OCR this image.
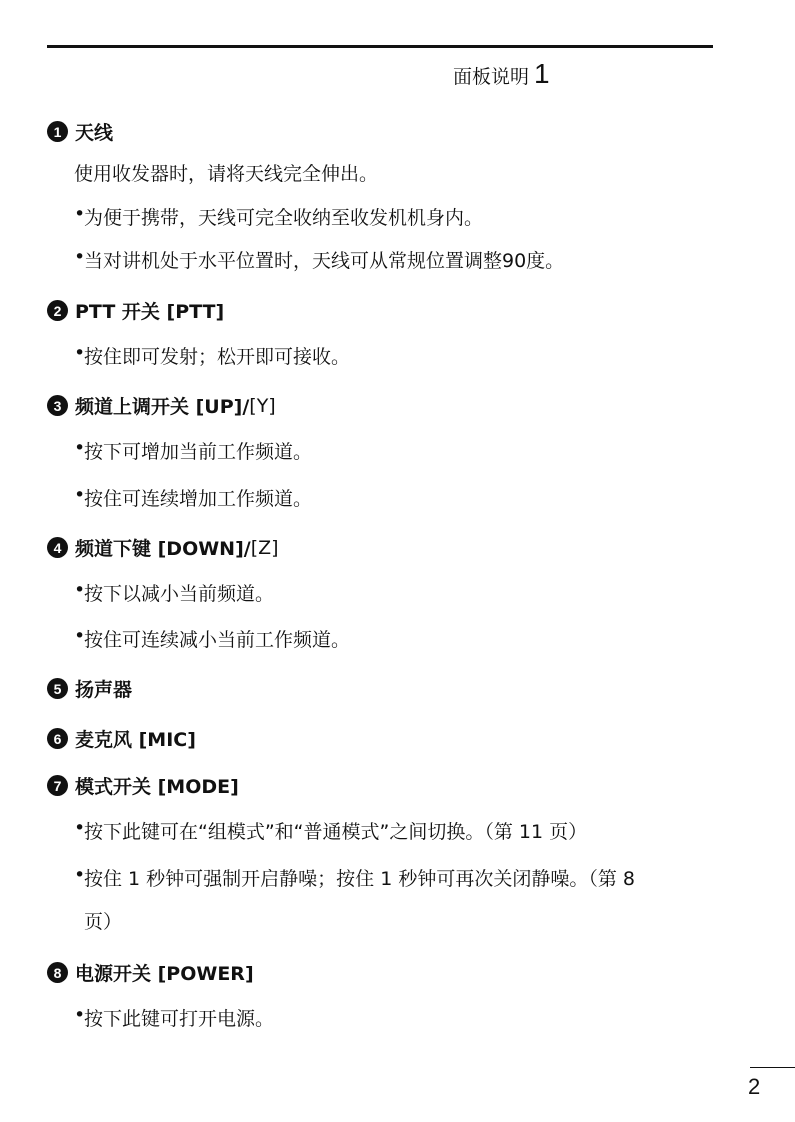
面板说明 1
1 天线
使用收发器时，请将天线完全伸出。
•
为便于携带，天线可完全收纳至收发机机身内。
•
当对讲机处于水平位置时，天线可从常规位置调整90度。
2 PTT 开关 [PTT]
•
按住即可发射；松开即可接收。
3 频道上调开关 [UP]/ [Y]
•
按下可增加当前工作频道。
•
按住可连续增加工作频道。
4 频道下键 [DOWN]/ [Z]
•
按下以减小当前频道。
•
按住可连续减小当前工作频道。
5 扬声器
6 麦克风 [MIC]
7 模式开关 [MODE]
•
按下此键可在“组模式”和“普通模式”之间切换。（第 11 页）
•
按住 1 秒钟可强制开启静噪；按住 1 秒钟可再次关闭静噪。（第 8
页）
8 电源开关 [POWER]
•
按下此键可打开电源。
2
